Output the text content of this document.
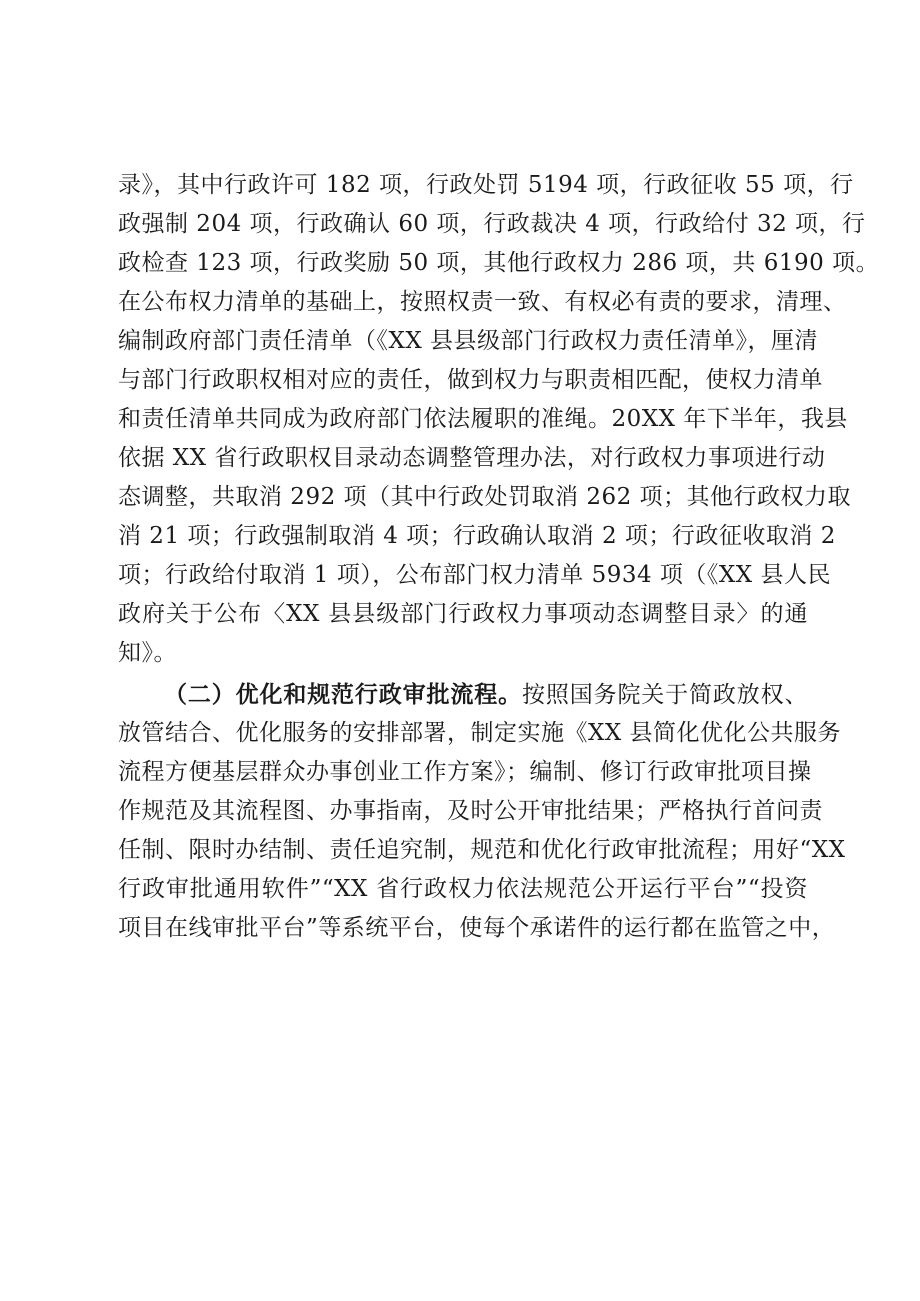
录》，其中行政许可 182 项，行政处罚 5194 项，行政征收 55 项，行
政强制 204 项，行政确认 60 项，行政裁决 4 项，行政给付 32 项，行
政检查 123 项，行政奖励 50 项，其他行政权力 286 项，共 6190 项。
在公布权力清单的基础上，按照权责一致、有权必有责的要求，清理、
编制政府部门责任清单（《XX 县县级部门行政权力责任清单》，厘清
与部门行政职权相对应的责任，做到权力与职责相匹配，使权力清单
和责任清单共同成为政府部门依法履职的准绳。20XX 年下半年，我县
依据 XX 省行政职权目录动态调整管理办法，对行政权力事项进行动
态调整，共取消 292 项（其中行政处罚取消 262 项；其他行政权力取
消 21 项；行政强制取消 4 项；行政确认取消 2 项；行政征收取消 2
项；行政给付取消 1 项），公布部门权力清单 5934 项（《XX 县人民
政府关于公布〈XX 县县级部门行政权力事项动态调整目录〉的通
知》。
（二）优化和规范行政审批流程。按照国务院关于简政放权、
放管结合、优化服务的安排部署，制定实施《XX 县简化优化公共服务
流程方便基层群众办事创业工作方案》；编制、修订行政审批项目操
作规范及其流程图、办事指南，及时公开审批结果；严格执行首问责
任制、限时办结制、责任追究制，规范和优化行政审批流程；用好“XX
行政审批通用软件”“XX 省行政权力依法规范公开运行平台”“投资
项目在线审批平台”等系统平台，使每个承诺件的运行都在监管之中，
